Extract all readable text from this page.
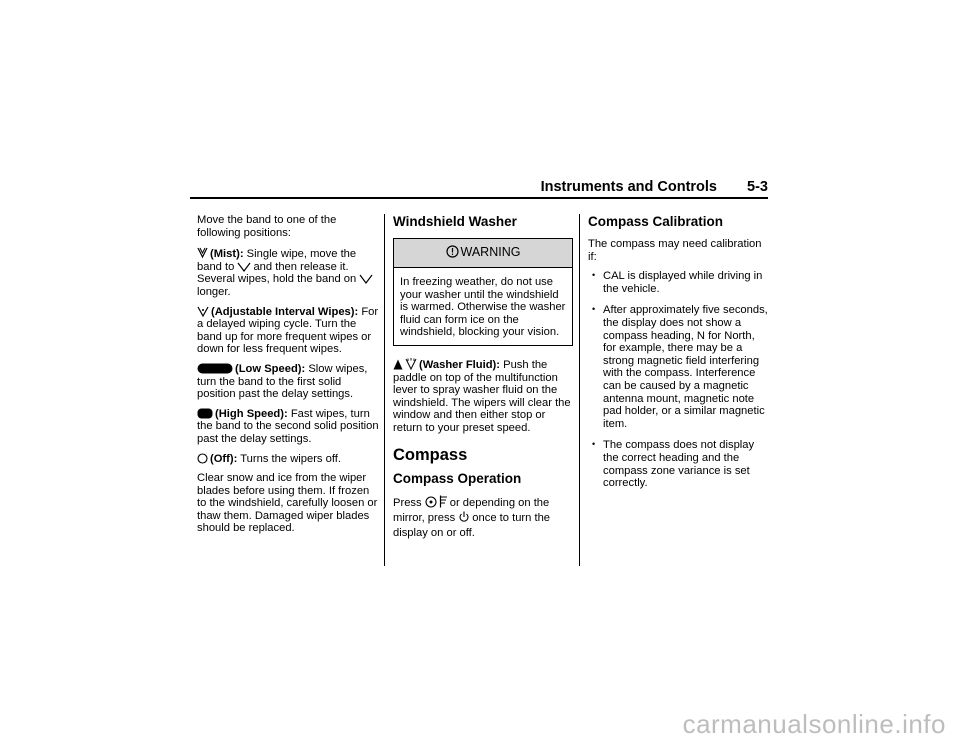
Instruments and Controls 5-3

Move the band to one of the following positions:

(Mist): Single wipe, move the band to and then release it. Several wipes, hold the band on longer.

(Adjustable Interval Wipes): For a delayed wiping cycle. Turn the band up for more frequent wipes or down for less frequent wipes.

(Low Speed): Slow wipes, turn the band to the first solid position past the delay settings.

(High Speed): Fast wipes, turn the band to the second solid position past the delay settings.

(Off): Turns the wipers off.

Clear snow and ice from the wiper blades before using them. If frozen to the windshield, carefully loosen or thaw them. Damaged wiper blades should be replaced.

Windshield Washer
WARNING
In freezing weather, do not use your washer until the windshield is warmed. Otherwise the washer fluid can form ice on the windshield, blocking your vision.

(Washer Fluid): Push the paddle on top of the multifunction lever to spray washer fluid on the windshield. The wipers will clear the window and then either stop or return to your preset speed.

Compass
Compass Operation

Press	or depending on the mirror, press once to turn the display on or off.

Compass Calibration

The compass may need calibration if:

• CAL is displayed while driving in the vehicle.
• After approximately five seconds, the display does not show a compass heading, N for North, for example, there may be a strong magnetic field interfering with the compass. Interference can be caused by a magnetic antenna mount, magnetic note pad holder, or a similar magnetic item.
• The compass does not display the correct heading and the compass zone variance is set correctly.
carmanualsonline.info
